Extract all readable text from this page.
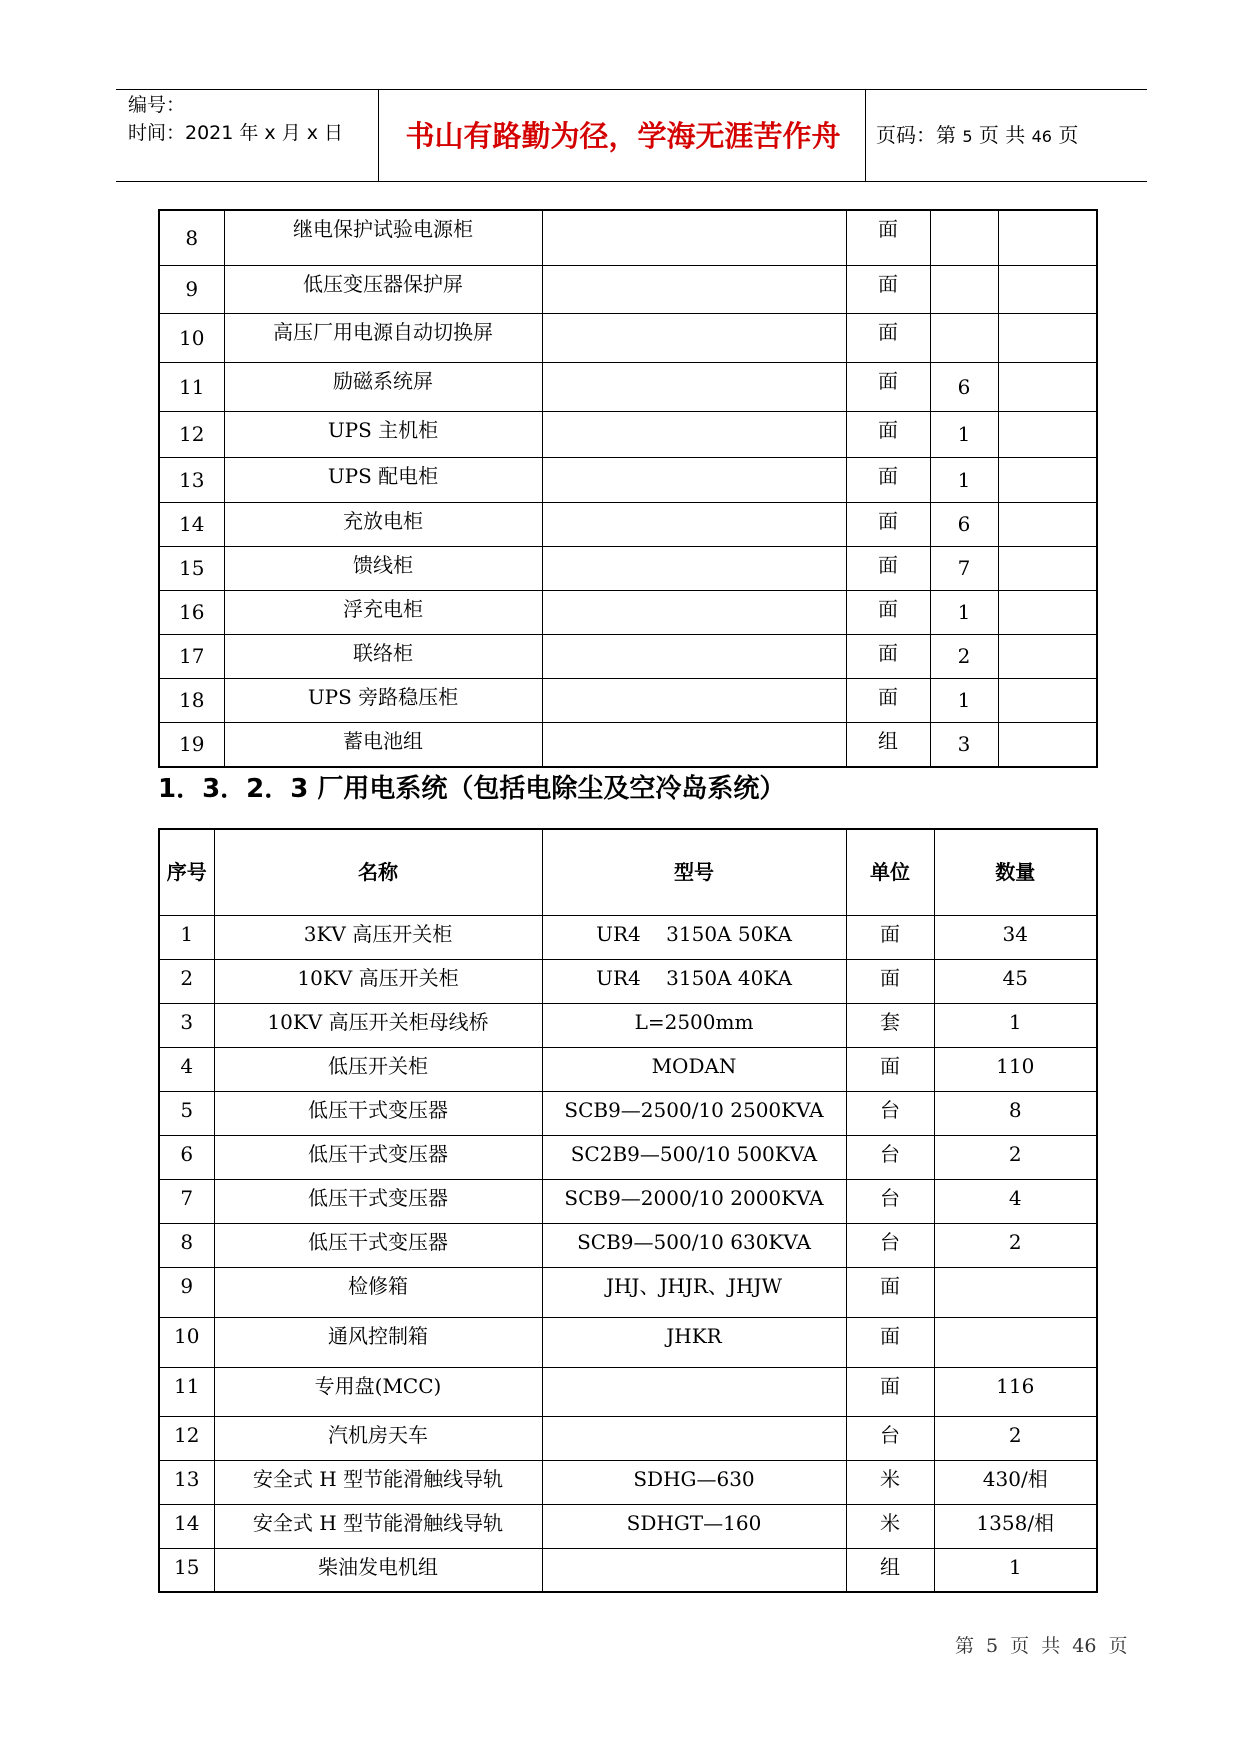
编号：
时间：2021 年 x 月 x 日	书山有路勤为径，学海无涯苦作舟	页码：第 5 页 共 46 页
8	继电保护试验电源柜		面		
9	低压变压器保护屏		面		
10	高压厂用电源自动切换屏		面		
11	励磁系统屏		面	6	
12	UPS 主机柜		面	1	
13	UPS 配电柜		面	1	
14	充放电柜		面	6	
15	馈线柜		面	7	
16	浮充电柜		面	1	
17	联络柜		面	2	
18	UPS 旁路稳压柜		面	1	
19	蓄电池组		组	3	
1．3．2．3 厂用电系统（包括电除尘及空冷岛系统）
序号	名称	型号	单位	数量
1	3KV 高压开关柜	UR4    3150A 50KA	面	34
2	10KV 高压开关柜	UR4    3150A 40KA	面	45
3	10KV 高压开关柜母线桥	L=2500mm	套	1
4	低压开关柜	MODAN	面	110
5	低压干式变压器	SCB9—2500/10 2500KVA	台	8
6	低压干式变压器	SC2B9—500/10 500KVA	台	2
7	低压干式变压器	SCB9—2000/10 2000KVA	台	4
8	低压干式变压器	SCB9—500/10 630KVA	台	2
9	检修箱	JHJ、JHJR、JHJW	面	
10	通风控制箱	JHKR	面	
11	专用盘(MCC)		面	116
12	汽机房天车		台	2
13	安全式 H 型节能滑触线导轨	SDHG—630	米	430/相
14	安全式 H 型节能滑触线导轨	SDHGT—160	米	1358/相
15	柴油发电机组		组	1
第 5 页 共 46 页
